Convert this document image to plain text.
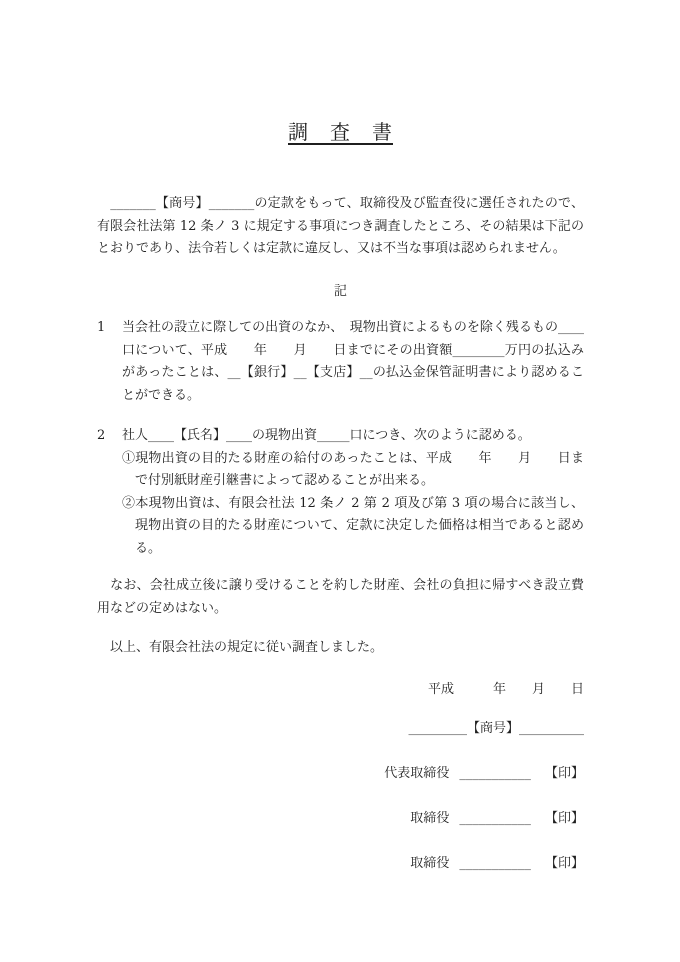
調　査　書

　_______【商号】_______の定款をもって、取締役及び監査役に選任されたので、有限会社法第 12 条ノ 3 に規定する事項につき調査したところ、その結果は下記のとおりであり、法令若しくは定款に違反し、又は不当な事項は認められません。

記
1	当会社の設立に際しての出資のなか、　現物出資によるものを除く残るもの____口について、平成　　年　　月　　日までにその出資額________万円の払込みがあったことは、__【銀行】__【支店】__の払込金保管証明書により認めることができる。
2	社人____【氏名】____の現物出資_____口につき、次のように認める。
①現物出資の目的たる財産の給付のあったことは、平成　　年　　月　　日まで付別紙財産引継書によって認めることが出来る。
②本現物出資は、有限会社法 12 条ノ 2 第 2 項及び第 3 項の場合に該当し、現物出資の目的たる財産について、定款に決定した価格は相当であると認める。

　なお、会社成立後に譲り受けることを約した財産、会社の負担に帰すべき設立費用などの定めはない。

　以上、有限会社法の規定に従い調査しました。

平成　　　年　　月　　日
_________【商号】__________
代表取締役 ___________ 【印】
取締役 ___________ 【印】
取締役 ___________ 【印】
